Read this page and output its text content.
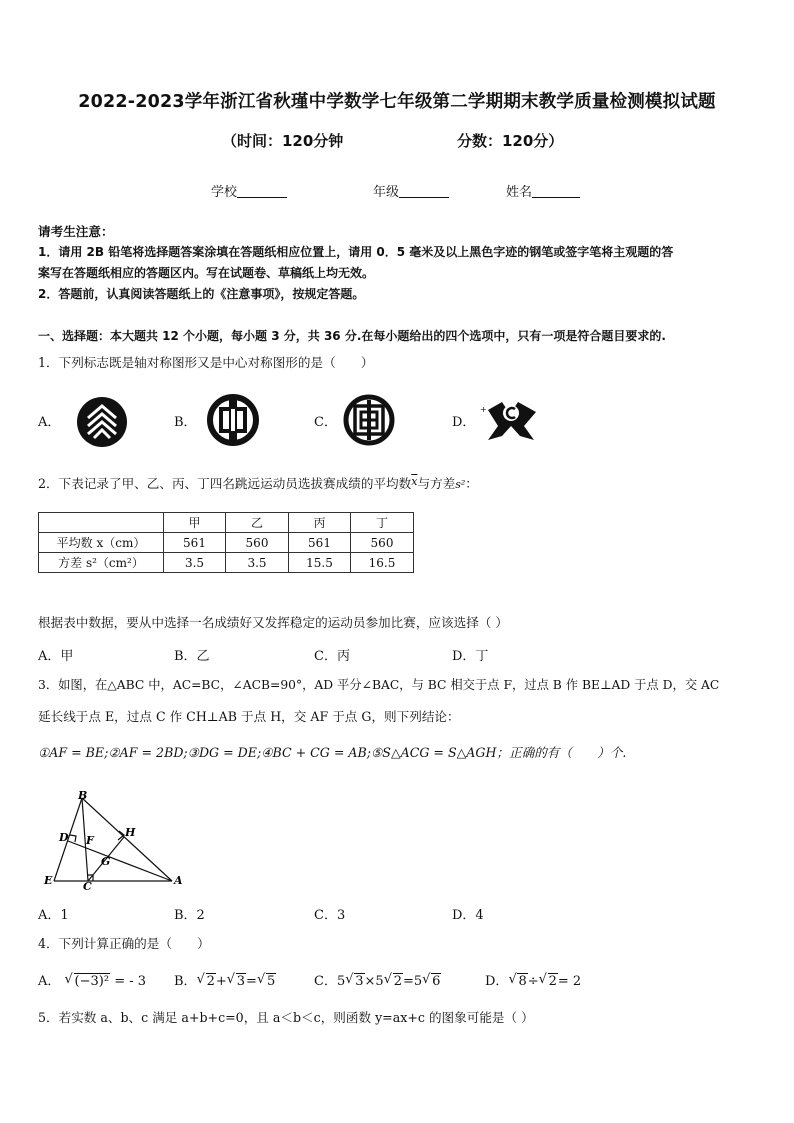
2022-2023学年浙江省秋瑾中学数学七年级第二学期期末教学质量检测模拟试题
（时间：120分钟	分数：120分）
学校	年级	姓名
请考生注意：
1．请用 2B 铅笔将选择题答案涂填在答题纸相应位置上，请用 0．5 毫米及以上黑色字迹的钢笔或签字笔将主观题的答
案写在答题纸相应的答题区内。写在试题卷、草稿纸上均无效。
2．答题前，认真阅读答题纸上的《注意事项》，按规定答题。
一、选择题：本大题共 12 个小题，每小题 3 分，共 36 分.在每小题给出的四个选项中，只有一项是符合题目要求的.
1．下列标志既是轴对称图形又是中心对称图形的是（　　）
A．	B．	C．	D．
+
2．下表记录了甲、乙、丙、丁四名跳远运动员选拔赛成绩的平均数$\overline{x}$与方差s²：
	甲	乙	丙	丁
平均数 x（cm）	561	560	561	560
方差 s²（cm²）	3.5	3.5	15.5	16.5
根据表中数据，要从中选择一名成绩好又发挥稳定的运动员参加比赛，应该选择（ ）
A．甲	B．乙	C．丙	D．丁
3．如图，在△ABC 中，AC=BC，∠ACB=90°，AD 平分∠BAC，与 BC 相交于点 F，过点 B 作 BE⊥AD 于点 D，交 AC
延长线于点 E，过点 C 作 CH⊥AB 于点 H，交 AF 于点 G，则下列结论：
①AF = BE;②AF = 2BD;③DG = DE;④BC + CG = AB;⑤S△ACG = S△AGH；正确的有（　　）个.
B
D F
H
G
E	C	A
A．1	B．2	C．3	D．4
4．下列计算正确的是（　　）
A． √ (−3)² = - 3 B． √ 2+ √ 3= √ 5	C．5 √ 3×5 √ 2=5 √ 6	D． √ 8÷ √ 2= 2
5．若实数 a、b、c 满足 a+b+c=0，且 a＜b＜c，则函数 y=ax+c 的图象可能是（ ）
